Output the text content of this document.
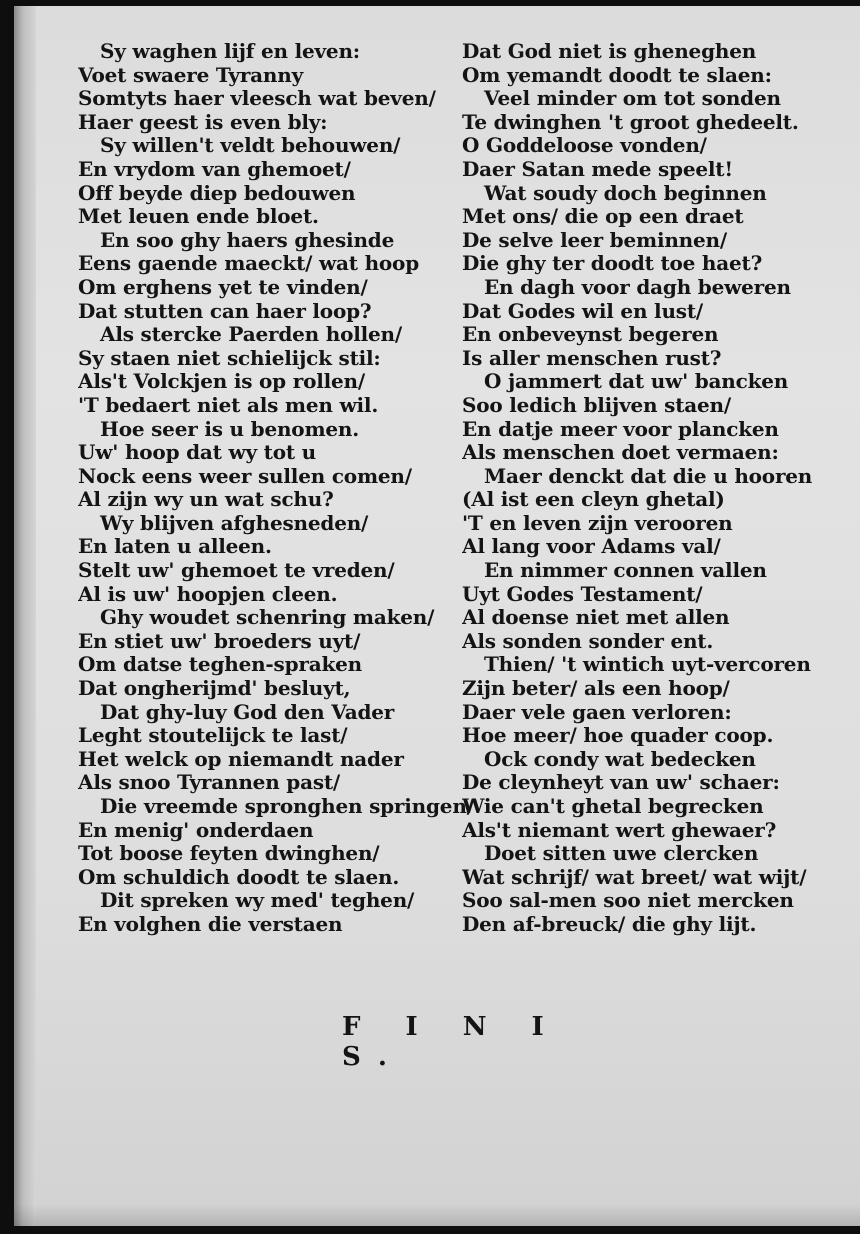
Sy waghen lijf en leven:
Voet swaere Tyranny
Somtyts haer vleesch wat beven/
Haer geest is even bly:
Sy willen't veldt behouwen/
En vrydom van ghemoet/
Off beyde diep bedouwen
Met leuen ende bloet.
En soo ghy haers ghesinde
Eens gaende maeckt/ wat hoop
Om erghens yet te vinden/
Dat stutten can haer loop?
Als stercke Paerden hollen/
Sy staen niet schielijck stil:
Als't Volckjen is op rollen/
'T bedaert niet als men wil.
Hoe seer is u benomen.
Uw' hoop dat wy tot u
Nock eens weer sullen comen/
Al zijn wy un wat schu?
Wy blijven afghesneden/
En laten u alleen.
Stelt uw' ghemoet te vreden/
Al is uw' hoopjen cleen.
Ghy woudet schenring maken/
En stiet uw' broeders uyt/
Om datse teghen-spraken
Dat ongherijmd' besluyt,
Dat ghy-luy God den Vader
Leght stoutelijck te last/
Het welck op niemandt nader
Als snoo Tyrannen past/
Die vreemde spronghen springen/
En menig' onderdaen
Tot boose feyten dwinghen/
Om schuldich doodt te slaen.
Dit spreken wy med' teghen/
En volghen die verstaen
Dat God niet is gheneghen
Om yemandt doodt te slaen:
Veel minder om tot sonden
Te dwinghen 't groot ghedeelt.
O Goddeloose vonden/
Daer Satan mede speelt!
Wat soudy doch beginnen
Met ons/ die op een draet
De selve leer beminnen/
Die ghy ter doodt toe haet?
En dagh voor dagh beweren
Dat Godes wil en lust/
En onbeveynst begeren
Is aller menschen rust?
O jammert dat uw' bancken
Soo ledich blijven staen/
En datje meer voor plancken
Als menschen doet vermaen:
Maer denckt dat die u hooren
(Al ist een cleyn ghetal)
'T en leven zijn verooren
Al lang voor Adams val/
En nimmer connen vallen
Uyt Godes Testament/
Al doense niet met allen
Als sonden sonder ent.
Thien/ 't wintich uyt-vercoren
Zijn beter/ als een hoop/
Daer vele gaen verloren:
Hoe meer/ hoe quader coop.
Ock condy wat bedecken
De cleynheyt van uw' schaer:
Wie can't ghetal begrecken
Als't niemant wert ghewaer?
Doet sitten uwe clercken
Wat schrijf/ wat breet/ wat wijt/
Soo sal-men soo niet mercken
Den af-breuck/ die ghy lijt.
F I N I S.
